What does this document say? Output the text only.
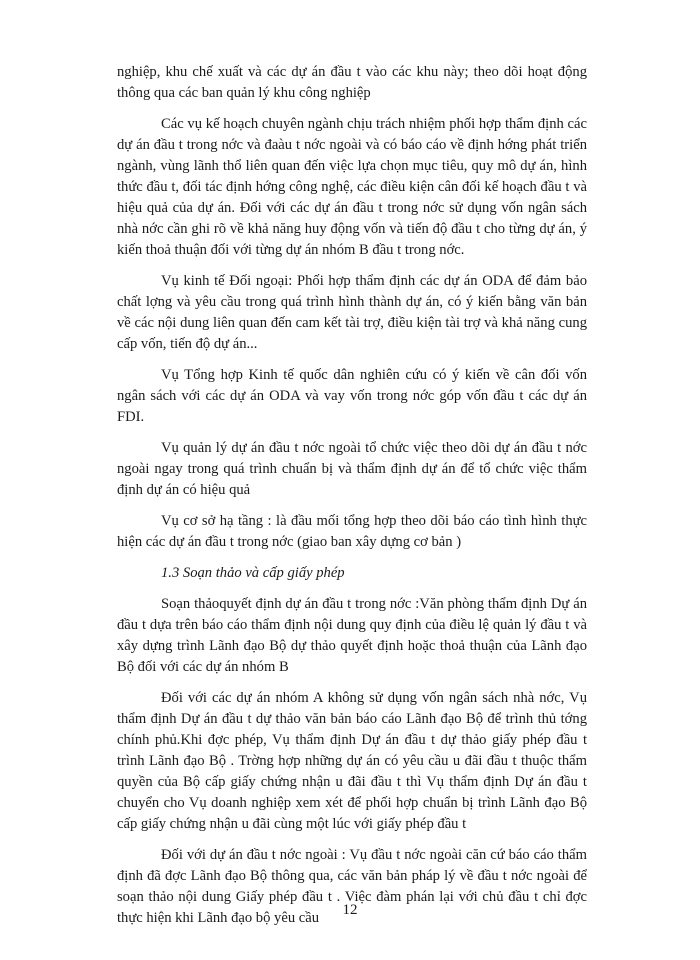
nghiệp, khu chế xuất và các dự án đầu t vào các khu này; theo dõi hoạt động thông qua các ban quản lý khu công nghiệp

Các vụ kế hoạch chuyên ngành chịu trách nhiệm phối hợp thẩm định các dự án đầu t trong nớc và đaàu t nớc ngoài và có báo cáo về định hớng phát triển ngành, vùng lãnh thổ liên quan đến việc lựa chọn mục tiêu, quy mô dự án, hình thức đầu t, đối tác định hớng công nghệ, các điều kiện cân đối kế hoạch đầu t và hiệu quả của dự án. Đối với các dự án đầu t trong nớc sử dụng vốn ngân sách nhà nớc cần ghi rõ về khả năng huy động vốn và tiến độ đầu t cho từng dự án, ý kiến thoả thuận đối với từng dự án nhóm B đầu t trong nớc.

Vụ kinh tế Đối ngoại: Phối hợp thẩm định các dự án ODA để đảm bảo chất lợng và yêu cầu trong quá trình hình thành dự án, có ý kiến bằng văn bản về các nội dung liên quan đến cam kết tài trợ, điều kiện tài trợ và khả năng cung cấp vốn, tiến độ dự án...

Vụ Tổng hợp Kinh tế quốc dân nghiên cứu có ý kiến về cân đối vốn ngân sách với các dự án ODA và vay vốn trong nớc góp vốn đầu t các dự án FDI.

Vụ quản lý dự án đầu t nớc ngoài tổ chức việc theo dõi dự án đầu t nớc ngoài ngay trong quá trình chuẩn bị và thẩm định dự án để tổ chức việc thẩm định dự án có hiệu quả

Vụ cơ sở hạ tầng : là đầu mối tổng hợp theo dõi báo cáo tình hình thực hiện các dự án đầu t trong nớc (giao ban xây dựng cơ bản )

1.3 Soạn thảo và cấp giấy phép

Soạn thảoquyết định dự án đầu t trong nớc :Văn phòng thẩm định Dự án đầu t dựa trên báo cáo thẩm định nội dung quy định của điều lệ quản lý đầu t và xây dựng trình Lãnh đạo Bộ dự thảo quyết định hoặc thoả thuận của Lãnh đạo Bộ đối với các dự án nhóm B

Đối với các dự án nhóm A không sử dụng vốn ngân sách nhà nớc, Vụ thẩm định Dự án đầu t dự thảo văn bản báo cáo Lãnh đạo Bộ để trình thủ tớng chính phủ.Khi đợc phép, Vụ thẩm định Dự án đầu t dự thảo giấy phép đầu t trình Lãnh đạo Bộ . Trờng hợp những dự án có yêu cầu u đãi đầu t thuộc thẩm quyền của Bộ cấp giấy chứng nhận u đãi đầu t thì Vụ thẩm định Dự án đầu t chuyển cho Vụ doanh nghiệp xem xét để phối hợp chuẩn bị trình Lãnh đạo Bộ cấp giấy chứng nhận u đãi cùng một lúc với giấy phép đầu t

Đối với dự án đầu t nớc ngoài : Vụ đầu t nớc ngoài căn cứ báo cáo thẩm định đã đợc Lãnh đạo Bộ thông qua, các văn bản pháp lý về đầu t nớc ngoài để soạn thảo nội dung Giấy phép đầu t . Việc đàm phán lại với chủ đầu t chỉ đợc thực hiện khi Lãnh đạo bộ yêu cầu	12
